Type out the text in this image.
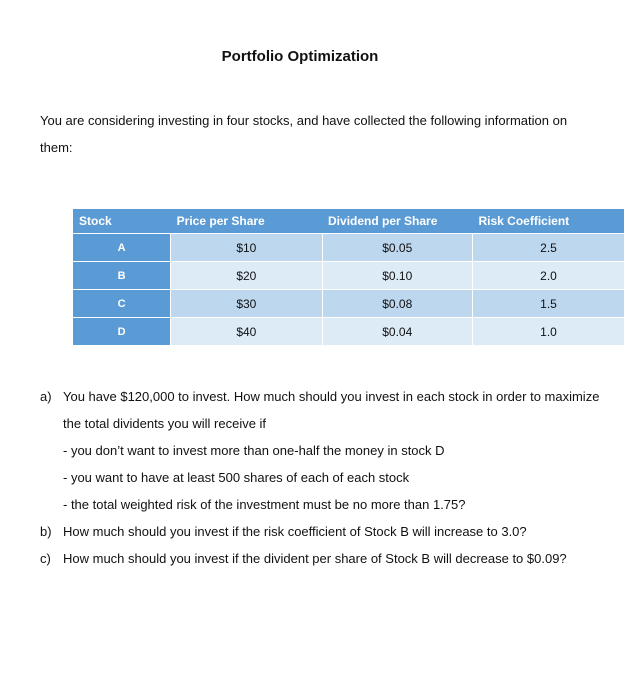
Portfolio Optimization
You are considering investing in four stocks, and have collected the following information on them:
Stock	Price per Share	Dividend per Share	Risk Coefficient
A	$10	$0.05	2.5
B	$20	$0.10	2.0
C	$30	$0.08	1.5
D	$40	$0.04	1.0
a) You have $120,000 to invest. How much should you invest in each stock in order to maximize the total dividents you will receive if
- you don’t want to invest more than one-half the money in stock D
- you want to have at least 500 shares of each of each stock
- the total weighted risk of the investment must be no more than 1.75?
b) How much should you invest if the risk coefficient of Stock B will increase to 3.0?
c) How much should you invest if the divident per share of Stock B will decrease to $0.09?
